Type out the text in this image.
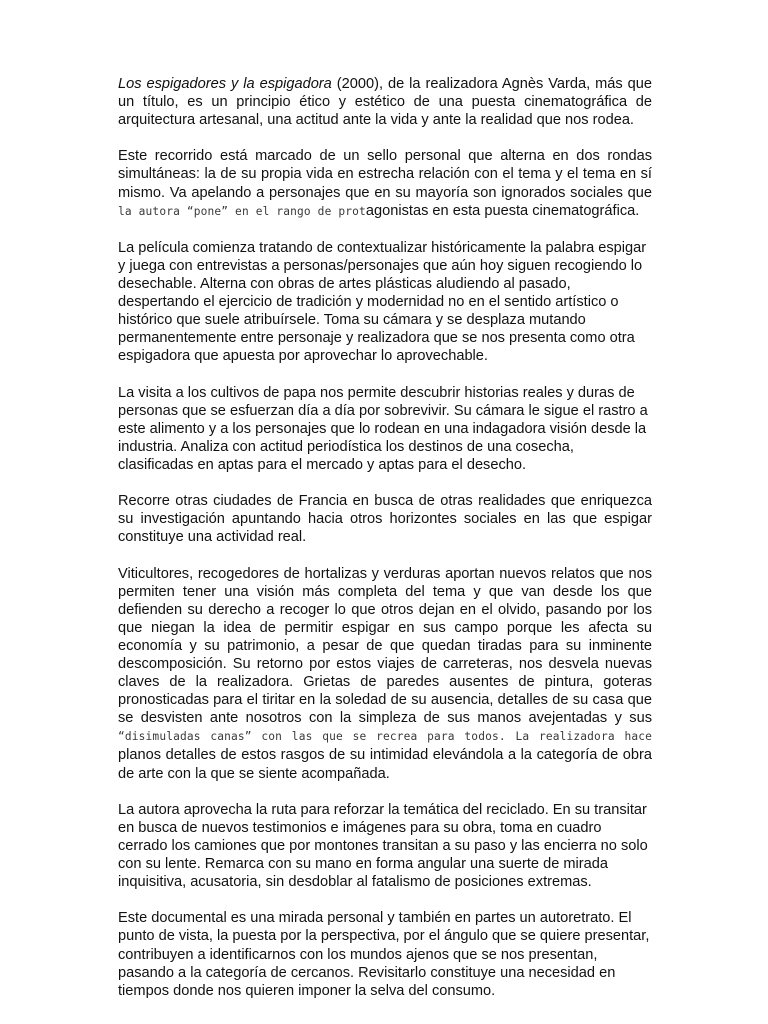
Los espigadores y la espigadora (2000), de la realizadora Agnès Varda, más que un título, es un principio ético y estético de una puesta cinematográfica de arquitectura artesanal, una actitud ante la vida y ante la realidad que nos rodea.

Este recorrido está marcado de un sello personal que alterna en dos rondas simultáneas: la de su propia vida en estrecha relación con el tema y el tema en sí mismo. Va apelando a personajes que en su mayoría son ignorados sociales que la autora “pone” en el rango de protagonistas en esta puesta cinematográfica.

La película comienza tratando de contextualizar históricamente la palabra espigar y juega con entrevistas a personas/personajes que aún hoy siguen recogiendo lo desechable. Alterna con obras de artes plásticas aludiendo al pasado, despertando el ejercicio de tradición y modernidad no en el sentido artístico o histórico que suele atribuírsele. Toma su cámara y se desplaza mutando permanentemente entre personaje y realizadora que se nos presenta como otra espigadora que apuesta por aprovechar lo aprovechable.

La visita a los cultivos de papa nos permite descubrir historias reales y duras de personas que se esfuerzan día a día por sobrevivir. Su cámara le sigue el rastro a este alimento y a los personajes que lo rodean en una indagadora visión desde la industria. Analiza con actitud periodística los destinos de una cosecha, clasificadas en aptas para el mercado y aptas para el desecho.

Recorre otras ciudades de Francia en busca de otras realidades que enriquezca su investigación apuntando hacia otros horizontes sociales en las que espigar constituye una actividad real.

Viticultores, recogedores de hortalizas y verduras aportan nuevos relatos que nos permiten tener una visión más completa del tema y que van desde los que defienden su derecho a recoger lo que otros dejan en el olvido, pasando por los que niegan la idea de permitir espigar en sus campo porque les afecta su economía y su patrimonio, a pesar de que quedan tiradas para su inminente descomposición. Su retorno por estos viajes de carreteras, nos desvela nuevas claves de la realizadora. Grietas de paredes ausentes de pintura, goteras pronosticadas para el tiritar en la soledad de su ausencia, detalles de su casa que se desvisten ante nosotros con la simpleza de sus manos avejentadas y sus “disimuladas canas” con las que se recrea para todos. La realizadora hace planos detalles de estos rasgos de su intimidad elevándola a la categoría de obra de arte con la que se siente acompañada.

La autora aprovecha la ruta para reforzar la temática del reciclado. En su transitar en busca de nuevos testimonios e imágenes para su obra, toma en cuadro cerrado los camiones que por montones transitan a su paso y las encierra no solo con su lente. Remarca con su mano en forma angular una suerte de mirada inquisitiva, acusatoria, sin desdoblar al fatalismo de posiciones extremas.

Este documental es una mirada personal y también en partes un autoretrato. El punto de vista, la puesta por la perspectiva, por el ángulo que se quiere presentar, contribuyen a identificarnos con los mundos ajenos que se nos presentan, pasando a la categoría de cercanos. Revisitarlo constituye una necesidad en tiempos donde nos quieren imponer la selva del consumo.
